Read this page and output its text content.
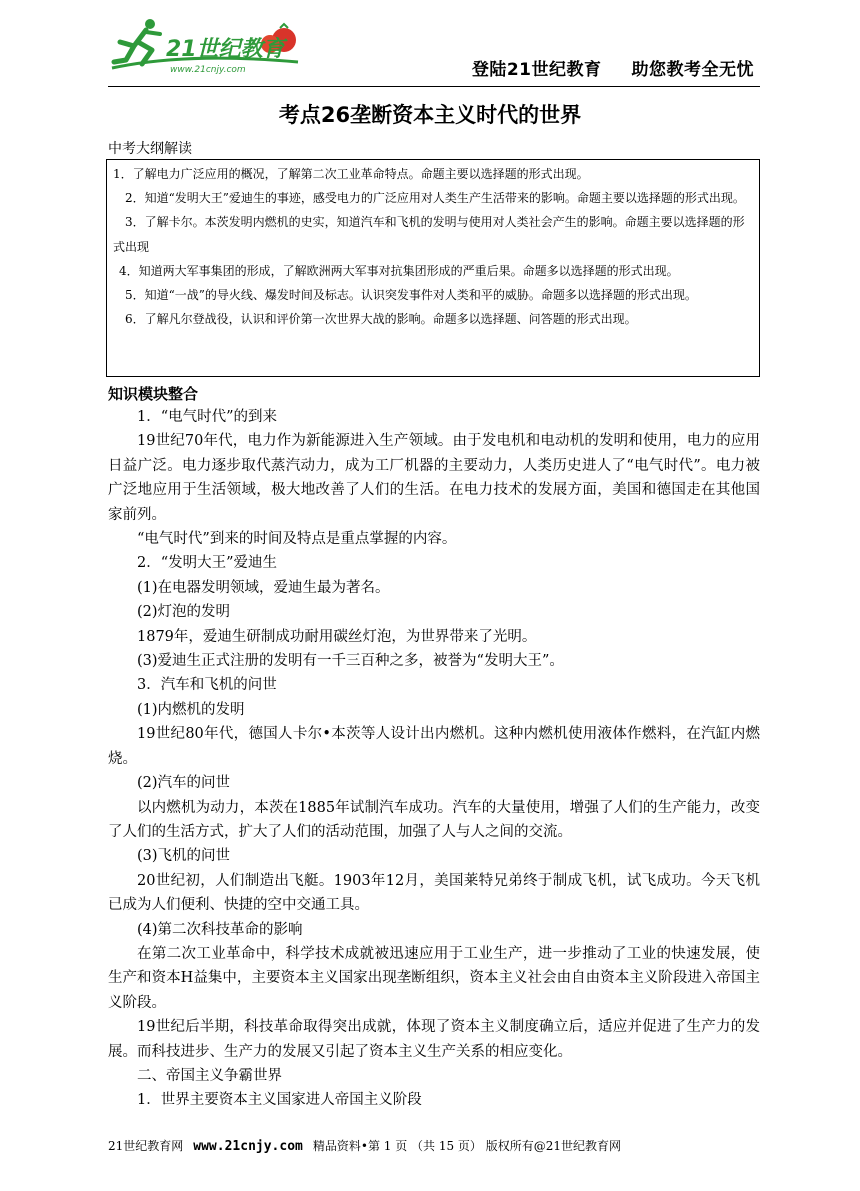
21世纪教育
www.21cnjy.com	登陆21世纪教育 助您教考全无忧
考点26垄断资本主义时代的世界
中考大纲解读

1．了解电力广泛应用的概况，了解第二次工业革命特点。命题主要以选择题的形式出现。

2．知道“发明大王”爱迪生的事迹，感受电力的广泛应用对人类生产生活带来的影响。命题主要以选择题的形式出现。

3．了解卡尔。本茨发明内燃机的史实，知道汽车和飞机的发明与使用对人类社会产生的影响。命题主要以选择题的形式出现

4．知道两大军事集团的形成，了解欧洲两大军事对抗集团形成的严重后果。命题多以选择题的形式出现。

5．知道“一战”的导火线、爆发时间及标志。认识突发事件对人类和平的威胁。命题多以选择题的形式出现。

6．了解凡尔登战役，认识和评价第一次世界大战的影响。命题多以选择题、问答题的形式出现。

知识模块整合

1．“电气时代”的到来

19世纪70年代，电力作为新能源进入生产领域。由于发电机和电动机的发明和使用，电力的应用日益广泛。电力逐步取代蒸汽动力，成为工厂机器的主要动力，人类历史进人了“电气时代”。电力被广泛地应用于生活领域，极大地改善了人们的生活。在电力技术的发展方面，美国和德国走在其他国家前列。

“电气时代”到来的时间及特点是重点掌握的内容。

2．“发明大王”爱迪生

(1)在电器发明领域，爱迪生最为著名。

(2)灯泡的发明

1879年，爱迪生研制成功耐用碳丝灯泡，为世界带来了光明。

(3)爱迪生正式注册的发明有一千三百种之多，被誉为“发明大王”。

3．汽车和飞机的问世

(1)内燃机的发明

19世纪80年代，德国人卡尔•本茨等人设计出内燃机。这种内燃机使用液体作燃料，在汽缸内燃烧。

(2)汽车的问世

以内燃机为动力，本茨在1885年试制汽车成功。汽车的大量使用，增强了人们的生产能力，改变了人们的生活方式，扩大了人们的活动范围，加强了人与人之间的交流。

(3)飞机的问世

20世纪初，人们制造出飞艇。1903年12月，美国莱特兄弟终于制成飞机，试飞成功。今天飞机已成为人们便利、快捷的空中交通工具。

(4)第二次科技革命的影响

在第二次工业革命中，科学技术成就被迅速应用于工业生产，进一步推动了工业的快速发展，使生产和资本H益集中，主要资本主义国家出现垄断组织，资本主义社会由自由资本主义阶段进入帝国主义阶段。

19世纪后半期，科技革命取得突出成就，体现了资本主义制度确立后，适应并促进了生产力的发展。而科技进步、生产力的发展又引起了资本主义生产关系的相应变化。

二、帝国主义争霸世界

1．世界主要资本主义国家进人帝国主义阶段

21世纪教育网 www.21cnjy.com 精品资料•第 1 页 （共 15 页） 版权所有@21世纪教育网
